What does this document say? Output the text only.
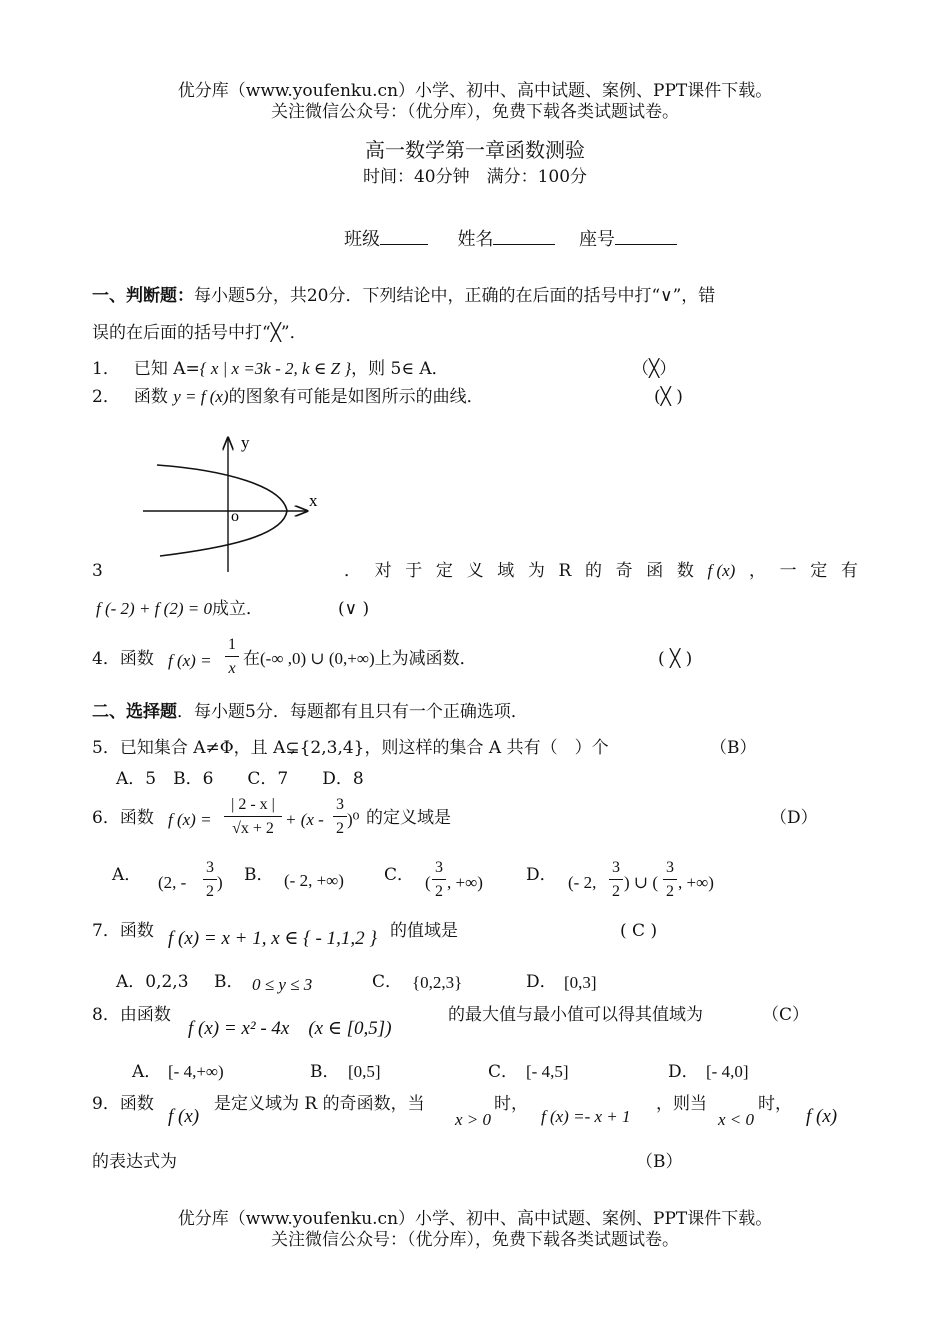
优分库（www.youfenku.cn）小学、初中、高中试题、案例、PPT课件下载。
关注微信公众号：（优分库），免费下载各类试题试卷。
高一数学第一章函数测验
时间：40分钟　满分：100分
班级	姓名	座号
一、判断题：每小题5分，共20分．下列结论中，正确的在后面的括号中打“∨”，错
误的在后面的括号中打“╳”．
1． 已知 A={ x | x =3k - 2, k ∈ Z }，则 5∈ A．	（╳）
2． 函数 y = f (x)的图象有可能是如图所示的曲线．	(╳ )
y
x
o
3	． 对 于 定 义 域 为 R 的 奇 函 数 f (x) ， 一 定 有
f (- 2) + f (2) = 0成立．	(∨ )
4．函数 f (x) =
1
x 在(-∞ ,0) ∪ (0,+∞)上为减函数．	( ╳ )
二、选择题．每小题5分．每题都有且只有一个正确选项．
5．已知集合 A≠Φ，且 A⊊{2,3,4}，则这样的集合 A 共有（　）个	（B）
A．5　B．6　　C．7　　D．8
6．函数 f (x) =
| 2 - x |
√x + 2 + (x -
3
2 )⁰ 的定义域是	（D）
A． (2, -
3
2 ) B． (- 2, +∞) C． (
3
2 , +∞)	D． (- 2,
3
2 ) ∪ (
3
2 , +∞)
7．函数 f (x) = x + 1, x ∈ { - 1,1,2 } 的值域是	( C )
A．0,2,3 B． 0 ≤ y ≤ 3	C． {0,2,3}	D． [0,3]
8．由函数
f (x) = x² - 4x　(x ∈ [0,5])
的最大值与最小值可以得其值域为	（C）
A． [- 4,+∞)	B． [0,5]	C． [- 4,5]	D． [- 4,0]
9．函数
f (x)
是定义域为 R 的奇函数，当
x > 0
时，
f (x) =- x + 1
，则当
x < 0
时，
f (x)
的表达式为	（B）
优分库（www.youfenku.cn）小学、初中、高中试题、案例、PPT课件下载。
关注微信公众号：（优分库），免费下载各类试题试卷。
